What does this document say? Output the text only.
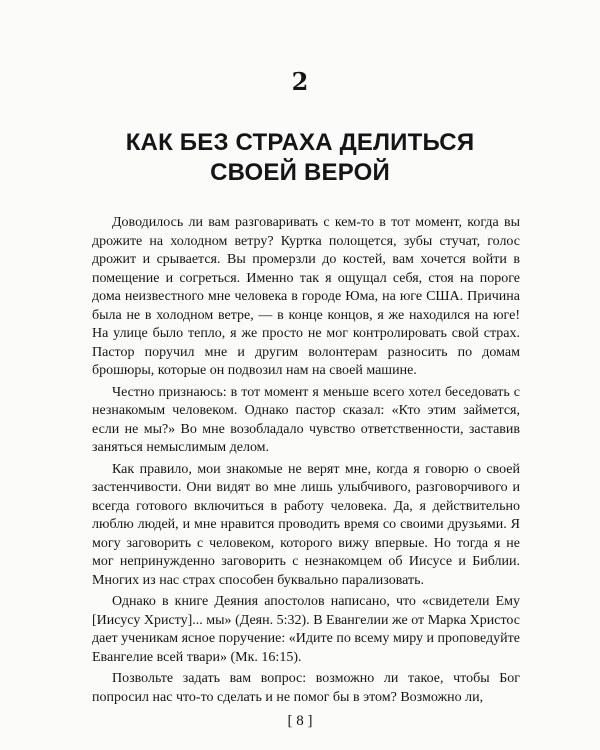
2
КАК БЕЗ СТРАХА ДЕЛИТЬСЯ
СВОЕЙ ВЕРОЙ

Доводилось ли вам разговаривать с кем-то в тот момент, когда вы дрожите на холодном ветру? Куртка полощется, зубы стучат, голос дрожит и срывается. Вы промерзли до костей, вам хочется войти в помещение и согреться. Именно так я ощущал себя, стоя на пороге дома неизвестного мне человека в городе Юма, на юге США. Причина была не в холодном ветре, — в конце концов, я же находился на юге! На улице было тепло, я же просто не мог контролировать свой страх. Пастор поручил мне и другим волонтерам разносить по домам брошюры, которые он подвозил нам на своей машине.

Честно признаюсь: в тот момент я меньше всего хотел беседовать с незнакомым человеком. Однако пастор сказал: «Кто этим займется, если не мы?» Во мне возобладало чувство ответственности, заставив заняться немыслимым делом.

Как правило, мои знакомые не верят мне, когда я говорю о своей застенчивости. Они видят во мне лишь улыбчивого, разговорчивого и всегда готового включиться в работу человека. Да, я действительно люблю людей, и мне нравится проводить время со своими друзьями. Я могу заговорить с человеком, которого вижу впервые. Но тогда я не мог непринужденно заговорить с незнакомцем об Иисусе и Библии. Многих из нас страх способен буквально парализовать.

Однако в книге Деяния апостолов написано, что «свидетели Ему [Иисусу Христу]... мы» (Деян. 5:32). В Евангелии же от Марка Христос дает ученикам ясное поручение: «Идите по всему миру и проповедуйте Евангелие всей твари» (Мк. 16:15).

Позвольте задать вам вопрос: возможно ли такое, чтобы Бог попросил нас что-то сделать и не помог бы в этом? Возможно ли,

[ 8 ]
